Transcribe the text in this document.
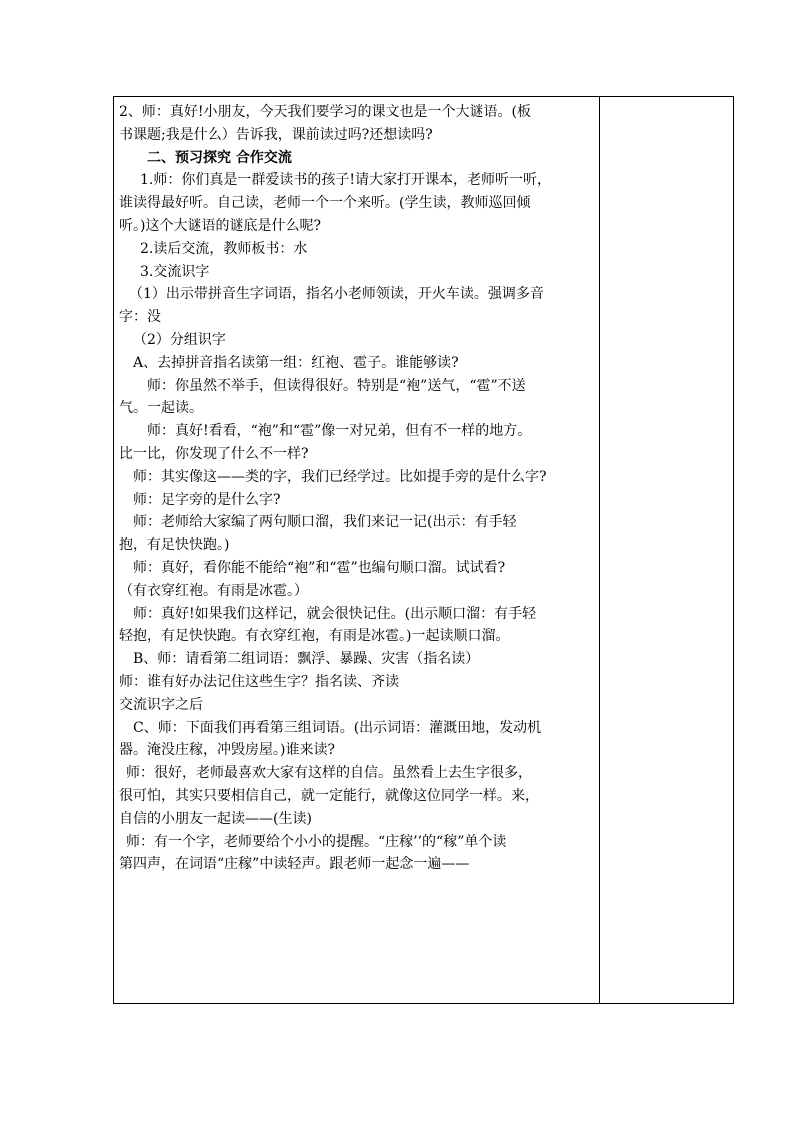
2、师：真好!小朋友，今天我们要学习的课文也是一个大谜语。(板
书课题;我是什么）告诉我，课前读过吗?还想读吗?
二、预习探究 合作交流
1.师：你们真是一群爱读书的孩子!请大家打开课本，老师听一听，
谁读得最好听。自己读，老师一个一个来听。(学生读，教师巡回倾
听。)这个大谜语的谜底是什么呢?
2.读后交流，教师板书：水
3.交流识字
（1）出示带拼音生字词语，指名小老师领读，开火车读。强调多音
字：没
（2）分组识字
A、去掉拼音指名读第一组：红袍、雹子。谁能够读?
师：你虽然不举手，但读得很好。特别是“袍”送气，“雹”不送
气。一起读。
师：真好!看看，“袍”和“雹”像一对兄弟，但有不一样的地方。
比一比，你发现了什么不一样?
师：其实像这——类的字，我们已经学过。比如提手旁的是什么字?
师：足字旁的是什么字?
师：老师给大家编了两句顺口溜，我们来记一记(出示：有手轻
抱，有足快快跑。)
师：真好，看你能不能给“袍”和“雹”也编句顺口溜。试试看?
（有衣穿红袍。有雨是冰雹。）
师：真好!如果我们这样记，就会很快记住。(出示顺口溜：有手轻
轻抱，有足快快跑。有衣穿红袍，有雨是冰雹。)一起读顺口溜。
B、师：请看第二组词语：飘浮、暴躁、灾害（指名读）
师：谁有好办法记住这些生字？指名读、齐读
交流识字之后
C、师：下面我们再看第三组词语。(出示词语：灌溉田地，发动机
器。淹没庄稼，冲毁房屋。)谁来读?
师：很好，老师最喜欢大家有这样的自信。虽然看上去生字很多，
很可怕，其实只要相信自己，就一定能行，就像这位同学一样。来，
自信的小朋友一起读——(生读)
师：有一个字，老师要给个小小的提醒。“庄稼’’的“稼”单个读
第四声，在词语“庄稼”中读轻声。跟老师一起念一遍——
